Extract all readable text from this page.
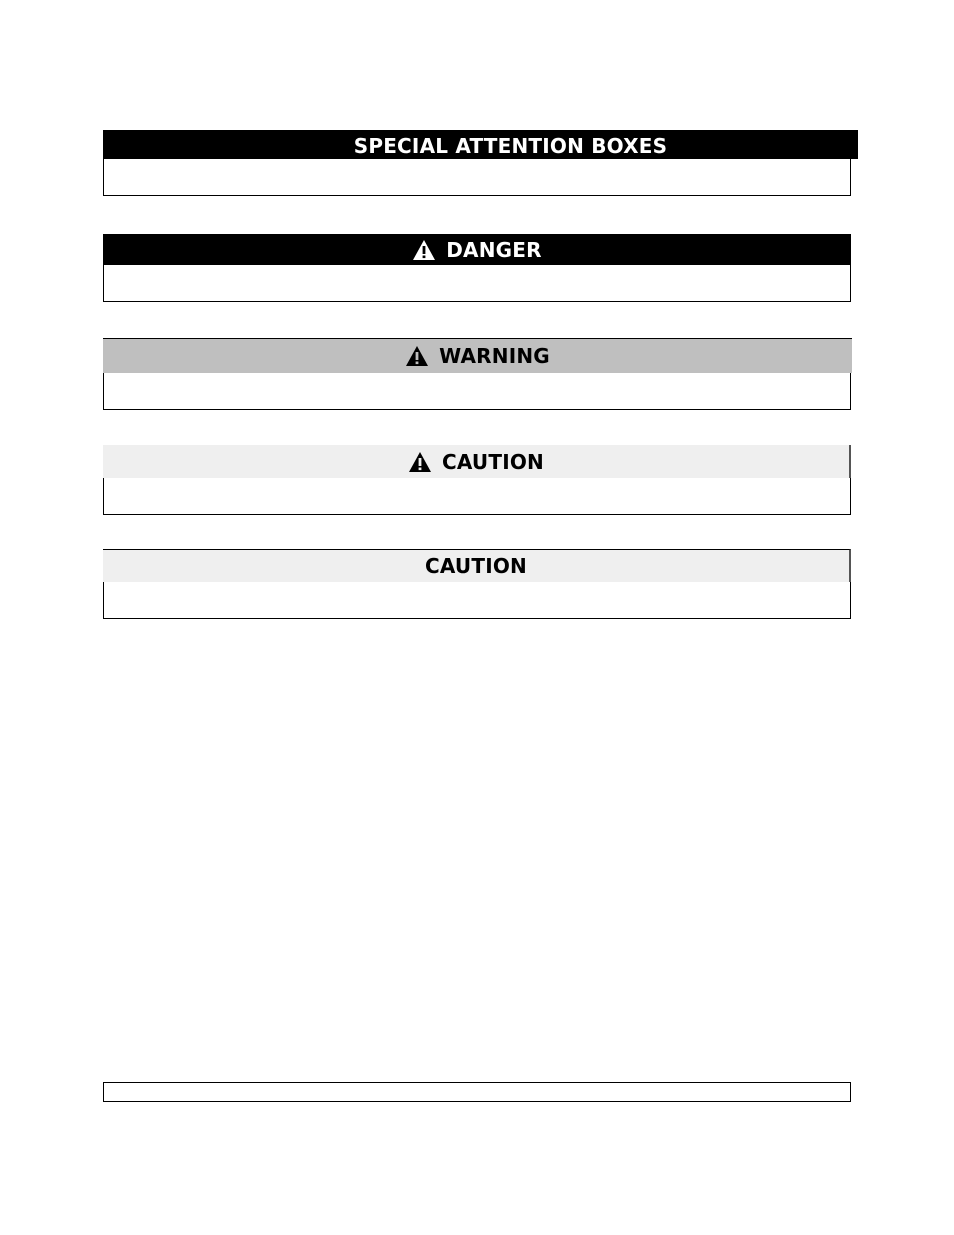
SPECIAL ATTENTION BOXES
DANGER
WARNING
CAUTION
CAUTION
